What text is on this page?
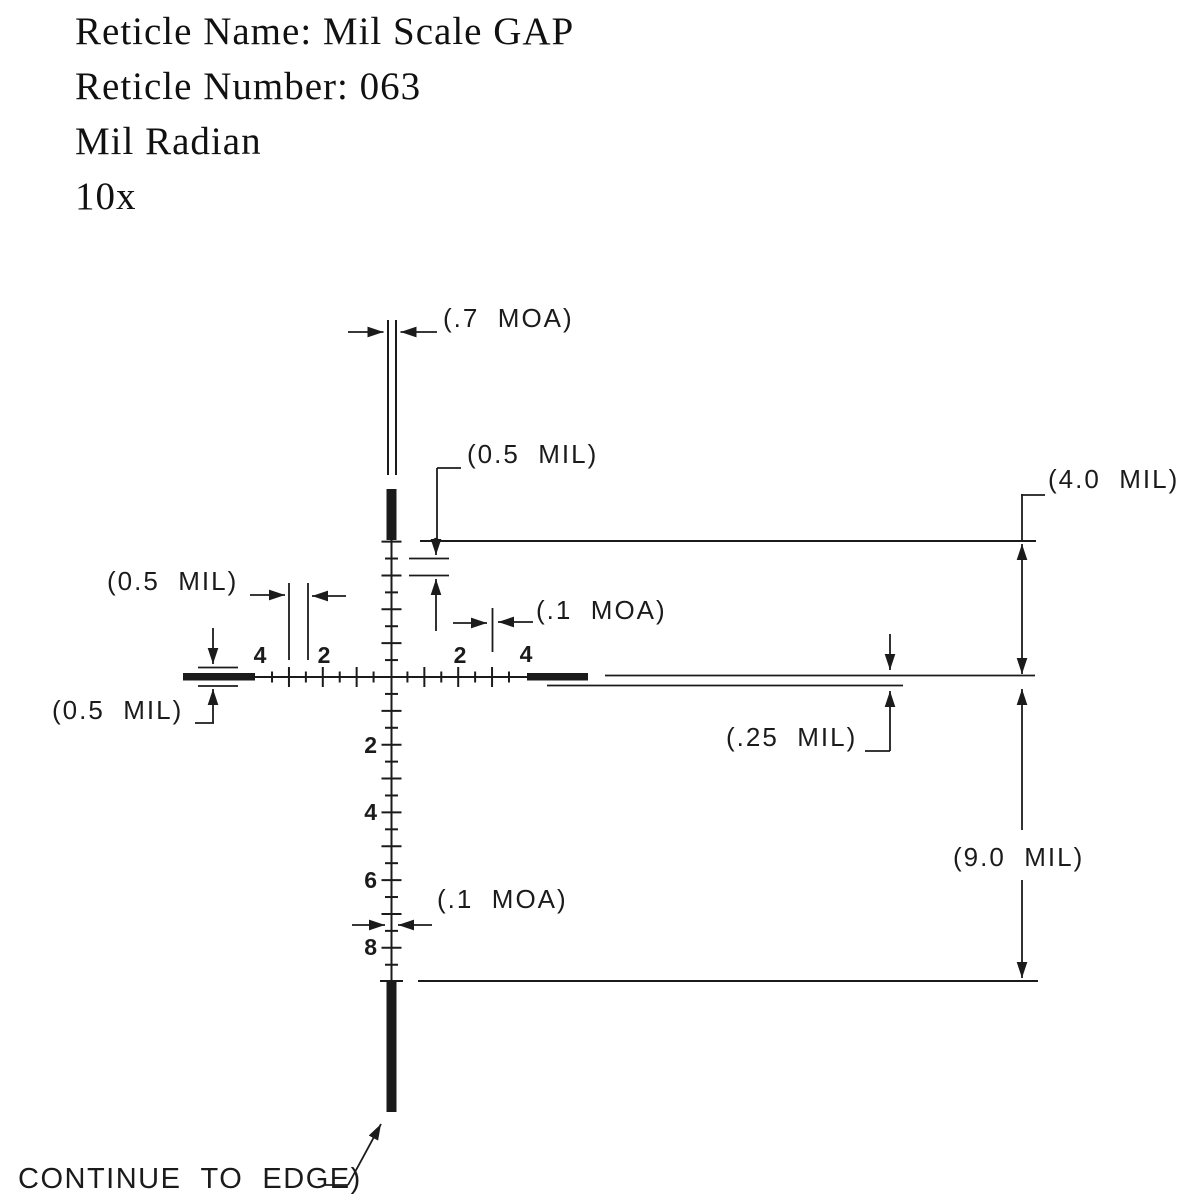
Reticle Name: Mil Scale GAP
Reticle Number: 063
Mil Radian
10x
(.7  MOA)
(0.5  MIL)
(0.5  MIL)
(0.5  MIL)
(.1  MOA)
(.1  MOA)
(.25  MIL)
(4.0  MIL)
(9.0  MIL)
CONTINUE  TO  EDGE)
4 2	2 4
2
4
6
8
